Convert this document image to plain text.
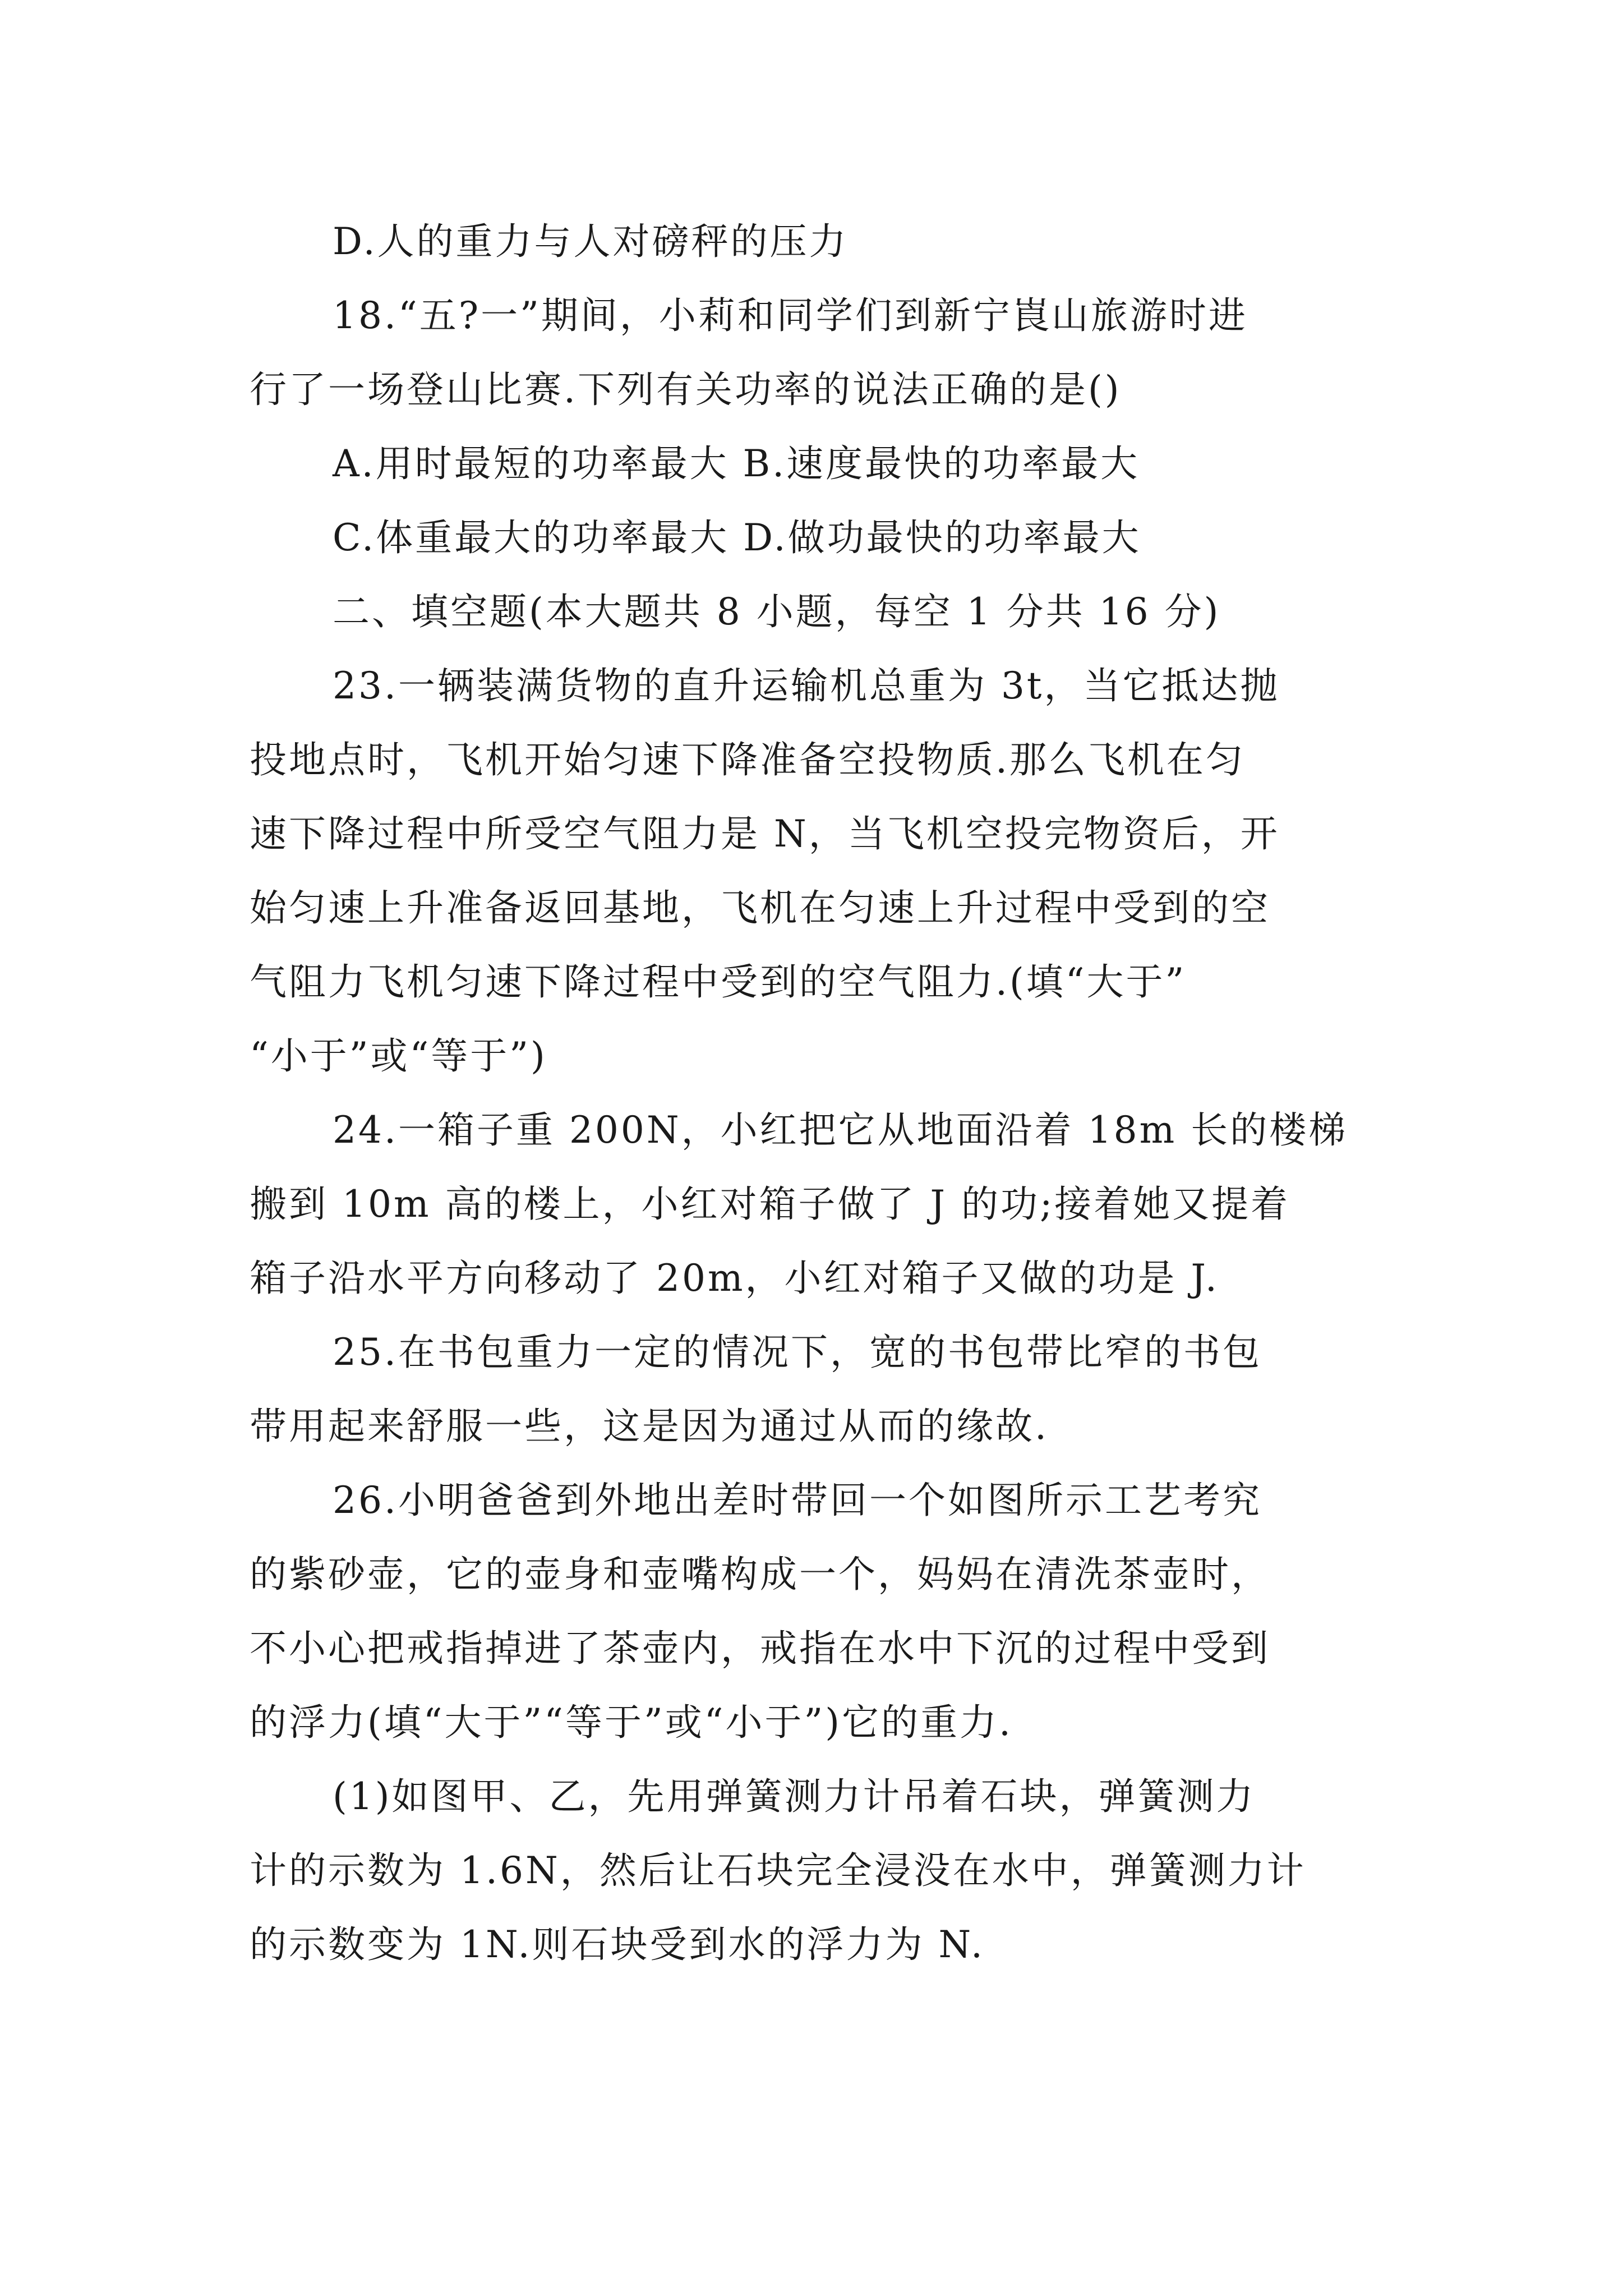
D.人的重力与人对磅秤的压力
18.“五?一”期间，小莉和同学们到新宁崀山旅游时进
行了一场登山比赛.下列有关功率的说法正确的是()
A.用时最短的功率最大 B.速度最快的功率最大
C.体重最大的功率最大 D.做功最快的功率最大
二、填空题(本大题共 8 小题，每空 1 分共 16 分)
23.一辆装满货物的直升运输机总重为 3t，当它抵达抛
投地点时，飞机开始匀速下降准备空投物质.那么飞机在匀
速下降过程中所受空气阻力是 N，当飞机空投完物资后，开
始匀速上升准备返回基地，飞机在匀速上升过程中受到的空
气阻力飞机匀速下降过程中受到的空气阻力.(填“大于”
“小于”或“等于”)
24.一箱子重 200N，小红把它从地面沿着 18m 长的楼梯
搬到 10m 高的楼上，小红对箱子做了 J 的功;接着她又提着
箱子沿水平方向移动了 20m，小红对箱子又做的功是 J.
25.在书包重力一定的情况下，宽的书包带比窄的书包
带用起来舒服一些，这是因为通过从而的缘故.
26.小明爸爸到外地出差时带回一个如图所示工艺考究
的紫砂壶，它的壶身和壶嘴构成一个，妈妈在清洗茶壶时，
不小心把戒指掉进了茶壶内，戒指在水中下沉的过程中受到
的浮力(填“大于”“等于”或“小于”)它的重力.
(1)如图甲、乙，先用弹簧测力计吊着石块，弹簧测力
计的示数为 1.6N，然后让石块完全浸没在水中，弹簧测力计
的示数变为 1N.则石块受到水的浮力为 N.
